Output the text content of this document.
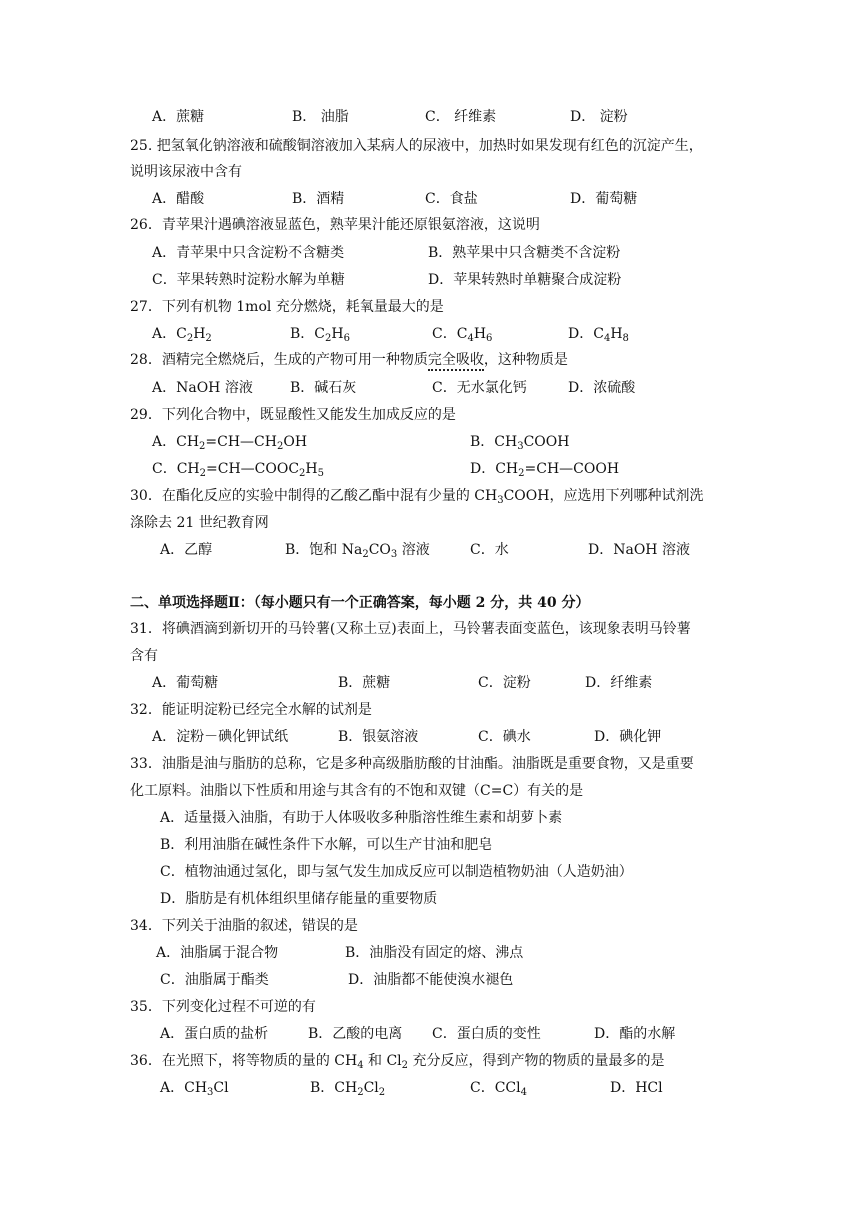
A．蔗糖	B． 油脂	C． 纤维素	D． 淀粉
25. 把氢氧化钠溶液和硫酸铜溶液加入某病人的尿液中，加热时如果发现有红色的沉淀产生，
说明该尿液中含有
A．醋酸	B．酒精	C．食盐	D．葡萄糖
26．青苹果汁遇碘溶液显蓝色，熟苹果汁能还原银氨溶液，这说明
A．青苹果中只含淀粉不含糖类	B．熟苹果中只含糖类不含淀粉
C．苹果转熟时淀粉水解为单糖	D．苹果转熟时单糖聚合成淀粉
27．下列有机物 1mol 充分燃烧，耗氧量最大的是
A．$C_2H_2$	B．$C_2H_6$	C．$C_4H_6$	D．$C_4H_8$
28．酒精完全燃烧后，生成的产物可用一种物质完全吸收，这种物质是
A．NaOH 溶液	B．碱石灰	C．无水氯化钙	D．浓硫酸
29．下列化合物中，既显酸性又能发生加成反应的是
A．$CH_2=CH—CH_2OH$	B．$CH_3COOH$
C．$CH_2=CH—COOC_2H_5$	D．$CH_2=CH—COOH$
30．在酯化反应的实验中制得的乙酸乙酯中混有少量的 $CH_3COOH$，应选用下列哪种试剂洗
涤除去 21 世纪教育网
A．乙醇	B．饱和 $Na_2CO_3$ 溶液	C．水	D．NaOH 溶液
二、单项选择题Ⅱ：（每小题只有一个正确答案，每小题 2 分，共 40 分）
31．将碘酒滴到新切开的马铃薯(又称土豆)表面上，马铃薯表面变蓝色，该现象表明马铃薯
含有
A．葡萄糖	B．蔗糖	C．淀粉	D．纤维素
32．能证明淀粉已经完全水解的试剂是
A．淀粉－碘化钾试纸	B．银氨溶液	C．碘水	D．碘化钾
33．油脂是油与脂肪的总称，它是多种高级脂肪酸的甘油酯。油脂既是重要食物，又是重要
化工原料。油脂以下性质和用途与其含有的不饱和双键（C=C）有关的是
A．适量摄入油脂，有助于人体吸收多种脂溶性维生素和胡萝卜素
B．利用油脂在碱性条件下水解，可以生产甘油和肥皂
C．植物油通过氢化，即与氢气发生加成反应可以制造植物奶油（人造奶油）
D．脂肪是有机体组织里储存能量的重要物质
34．下列关于油脂的叙述，错误的是
A．油脂属于混合物	B．油脂没有固定的熔、沸点
C．油脂属于酯类	D．油脂都不能使溴水褪色
35．下列变化过程不可逆的有
A．蛋白质的盐析	B．乙酸的电离 C．蛋白质的变性	D．酯的水解
36．在光照下，将等物质的量的 $CH_4$ 和 $Cl_2$ 充分反应，得到产物的物质的量最多的是
A．$CH_3Cl$	B．$CH_2Cl_2$	C．CCl$_4$	D．HCl
